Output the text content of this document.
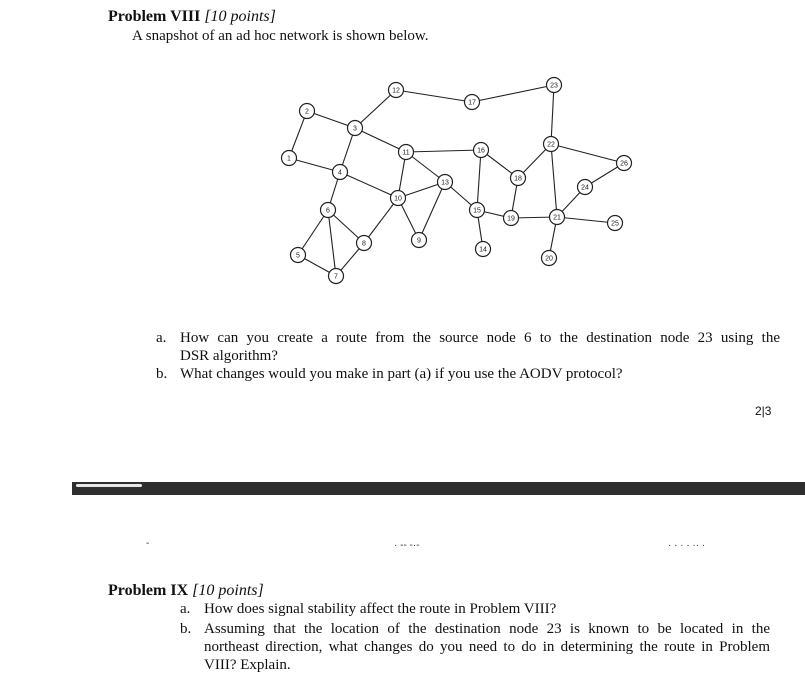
Problem VIII [10 points]
A snapshot of an ad hoc network is shown below.
1
2
3
4
5
6
7
8	9
10
11
12
13
14
15
16
17
18
19
20
21
22
23
24
25
26
a. How can you create a route from the source node 6 to the destination node 23 using the
DSR algorithm?
b. What changes would you make in part (a) if you use the AODV protocol?
2|3
-	· -- -·-	· · · · ·· ·
Problem IX [10 points]
a. How does signal stability affect the route in Problem VIII?
b. Assuming that the location of the destination node 23 is known to be located in the
northeast direction, what changes do you need to do in determining the route in Problem
VIII? Explain.
